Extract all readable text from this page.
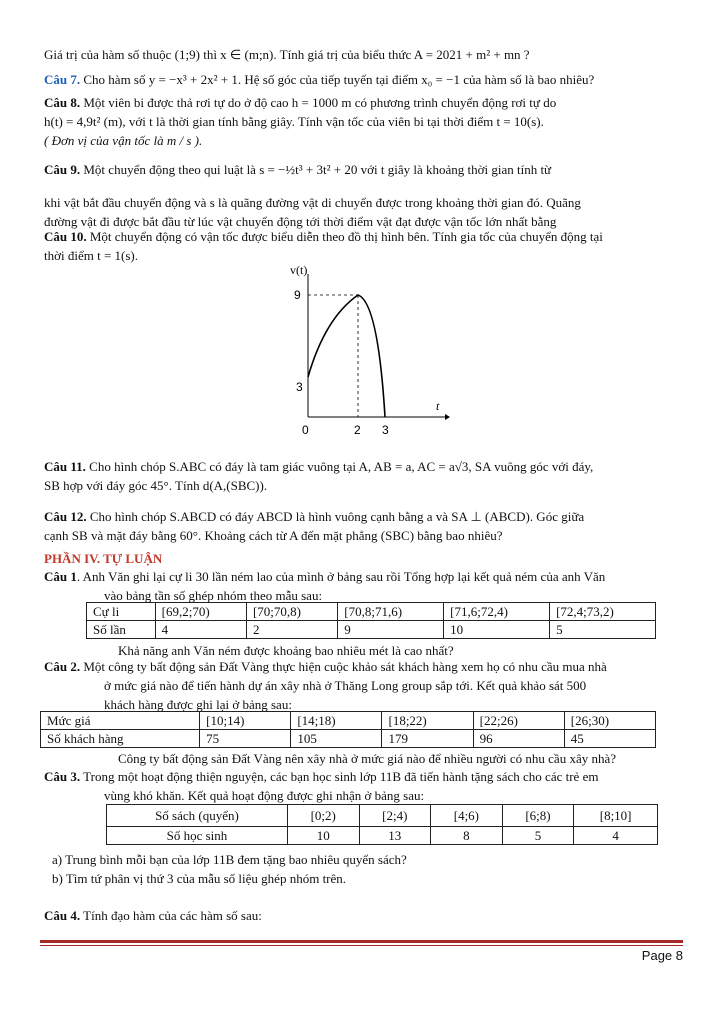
Giá trị của hàm số thuộc (1;9) thì x ∈ (m;n). Tính giá trị của biểu thức A = 2021 + m² + mn ?
Câu 7. Cho hàm số y = −x³ + 2x² + 1. Hệ số góc của tiếp tuyến tại điểm x₀ = −1 của hàm số là bao nhiêu?
Câu 8. Một viên bi được thả rơi tự do ở độ cao h = 1000 m có phương trình chuyển động rơi tự do
h(t) = 4,9t² (m), với t là thời gian tính bằng giây. Tính vận tốc của viên bi tại thời điểm t = 10(s).
( Đơn vị của vận tốc là m / s ).
Câu 9. Một chuyển động theo qui luật là s = −½t³ + 3t² + 20 với t giây là khoảng thời gian tính từ

khi vật bắt đầu chuyển động và s là quãng đường vật di chuyển được trong khoảng thời gian đó. Quãng
đường vật đi được bắt đầu từ lúc vật chuyển động tới thời điểm vật đạt được vận tốc lớn nhất bằng
Câu 10. Một chuyển động có vận tốc được biểu diễn theo đồ thị hình bên. Tính gia tốc của chuyển động tại
thời điểm t = 1(s).
v(t)
t
9
3
0	2 3
Câu 11. Cho hình chóp S.ABC có đáy là tam giác vuông tại A, AB = a, AC = a√3, SA vuông góc với đáy,
SB hợp với đáy góc 45°. Tính d(A,(SBC)).
Câu 12. Cho hình chóp S.ABCD có đáy ABCD là hình vuông cạnh bằng a và SA ⊥ (ABCD). Góc giữa
cạnh SB và mặt đáy bằng 60°. Khoảng cách từ A đến mặt phẳng (SBC) bằng bao nhiêu?
PHẦN IV. TỰ LUẬN
Câu 1. Anh Văn ghi lại cự li 30 lần ném lao của mình ở bảng sau rồi Tổng hợp lại kết quả ném của anh Văn
vào bảng tần số ghép nhóm theo mẫu sau:
Cự li	[69,2;70)	[70;70,8)	[70,8;71,6)	[71,6;72,4)	[72,4;73,2)
Số lần	4	2	9	10	5
Khả năng anh Văn ném được khoảng bao nhiêu mét là cao nhất?
Câu 2. Một công ty bất động sản Đất Vàng thực hiện cuộc khảo sát khách hàng xem họ có nhu cầu mua nhà
ở mức giá nào để tiến hành dự án xây nhà ở Thăng Long group sắp tới. Kết quả khảo sát 500
khách hàng được ghi lại ở bảng sau:
Mức giá	[10;14)	[14;18)	[18;22)	[22;26)	[26;30)
Số khách hàng	75	105	179	96	45
Công ty bất động sản Đất Vàng nên xây nhà ở mức giá nào để nhiều người có nhu cầu xây nhà?
Câu 3. Trong một hoạt động thiện nguyện, các bạn học sinh lớp 11B đã tiến hành tặng sách cho các trẻ em
vùng khó khăn. Kết quả hoạt động được ghi nhận ở bảng sau:
Số sách (quyển)	[0;2)	[2;4)	[4;6)	[6;8)	[8;10]
Số học sinh	10	13	8	5	4
a) Trung bình mỗi bạn của lớp 11B đem tặng bao nhiêu quyển sách?
b) Tìm tứ phân vị thứ 3 của mẫu số liệu ghép nhóm trên.
Câu 4. Tính đạo hàm của các hàm số sau:
Page 8
